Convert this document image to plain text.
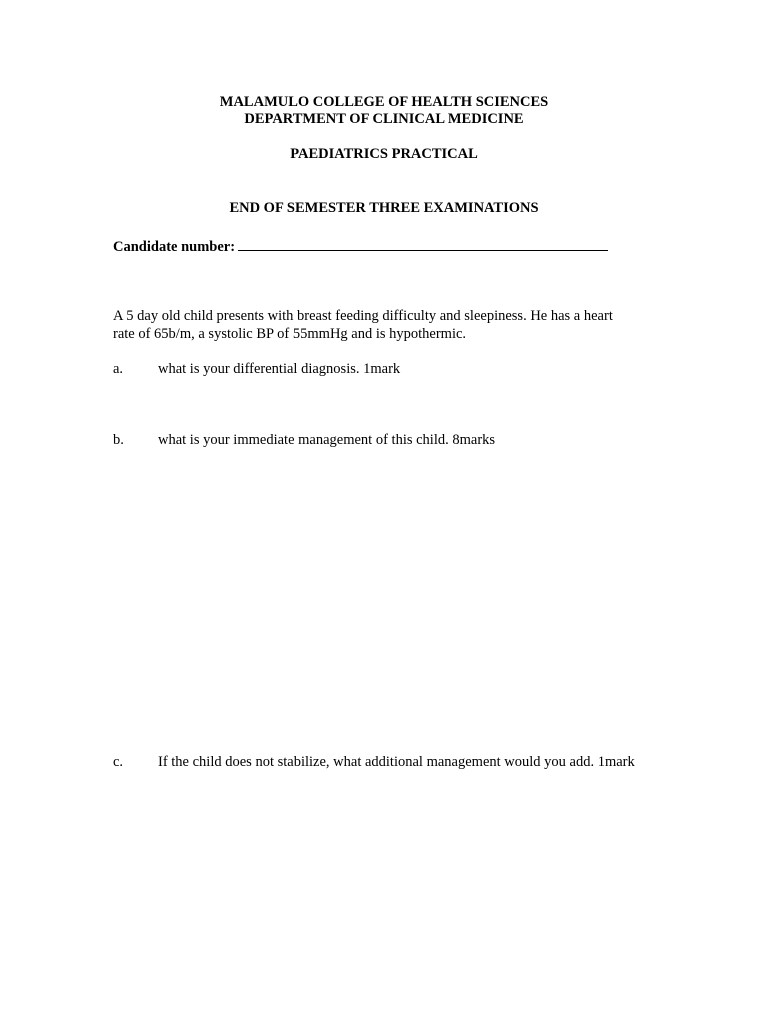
MALAMULO COLLEGE OF HEALTH SCIENCES
DEPARTMENT OF CLINICAL MEDICINE
PAEDIATRICS PRACTICAL
END OF SEMESTER THREE EXAMINATIONS
Candidate number:
A 5 day old child presents with breast feeding difficulty and sleepiness. He has a heart
rate of 65b/m, a systolic BP of 55mmHg and is hypothermic.
a. what is your differential diagnosis. 1mark
b. what is your immediate management of this child. 8marks
c. If the child does not stabilize, what additional management would you add. 1mark
